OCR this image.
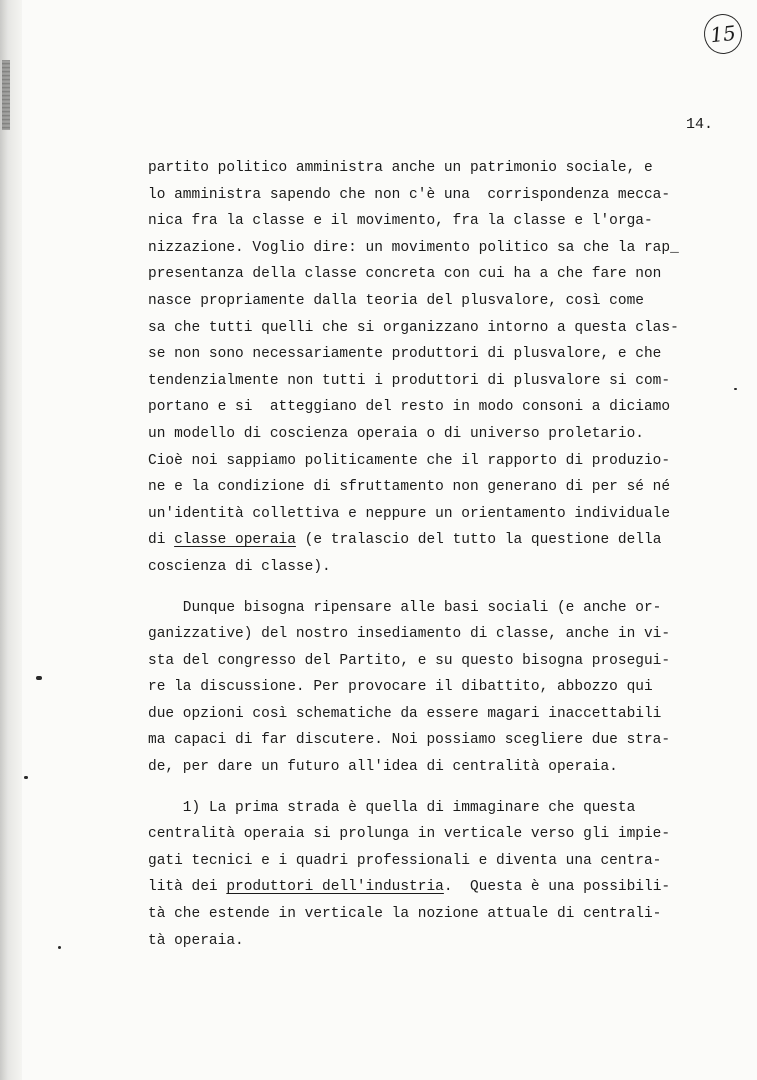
15
14.
partito politico amministra anche un patrimonio sociale, e
lo amministra sapendo che non c'è una  corrispondenza mecca-
nica fra la classe e il movimento, fra la classe e l'orga-
nizzazione. Voglio dire: un movimento politico sa che la rap_
presentanza della classe concreta con cui ha a che fare non
nasce propriamente dalla teoria del plusvalore, così come
sa che tutti quelli che si organizzano intorno a questa clas-
se non sono necessariamente produttori di plusvalore, e che
tendenzialmente non tutti i produttori di plusvalore si com-
portano e si  atteggiano del resto in modo consoni a diciamo
un modello di coscienza operaia o di universo proletario.
Cioè noi sappiamo politicamente che il rapporto di produzio-
ne e la condizione di sfruttamento non generano di per sé né
un'identità collettiva e neppure un orientamento individuale
di classe operaia (e tralascio del tutto la questione della
coscienza di classe).
Dunque bisogna ripensare alle basi sociali (e anche or-
ganizzative) del nostro insediamento di classe, anche in vi-
sta del congresso del Partito, e su questo bisogna prosegui-
re la discussione. Per provocare il dibattito, abbozzo qui
due opzioni così schematiche da essere magari inaccettabili
ma capaci di far discutere. Noi possiamo scegliere due stra-
de, per dare un futuro all'idea di centralità operaia.
1) La prima strada è quella di immaginare che questa
centralità operaia si prolunga in verticale verso gli impie-
gati tecnici e i quadri professionali e diventa una centra-
lità dei produttori dell'industria.  Questa è una possibili-
tà che estende in verticale la nozione attuale di centrali-
tà operaia.
